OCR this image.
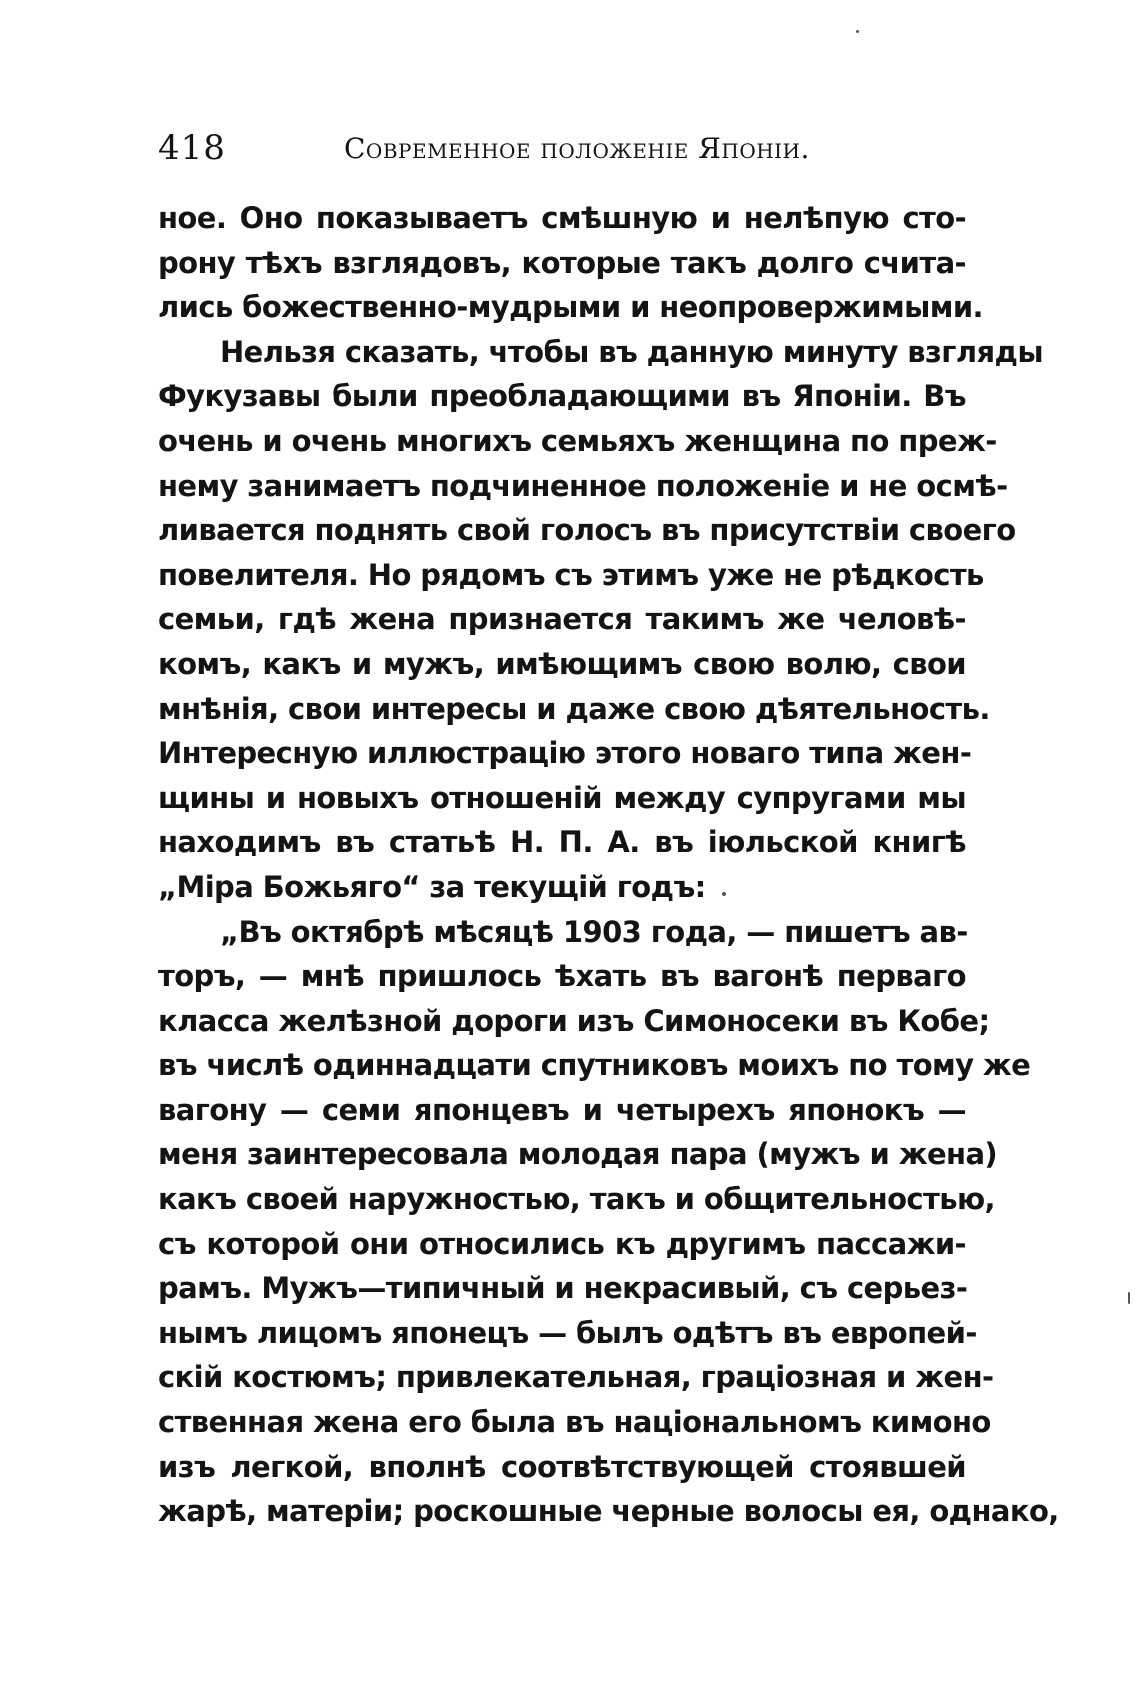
418	Современное положеніе Японіи.
ное. Оно показываетъ смѣшную и нелѣпую сто-
рону тѣхъ взглядовъ, которые такъ долго счита-
лись божественно-мудрыми и неопровержимыми.
Нельзя сказать, чтобы въ данную минуту взгляды
Фукузавы были преобладающими въ Японіи. Въ
очень и очень многихъ семьяхъ женщина по преж-
нему занимаетъ подчиненное положеніе и не осмѣ-
ливается поднять свой голосъ въ присутствіи своего
повелителя. Но рядомъ съ этимъ уже не рѣдкость
семьи, гдѣ жена признается такимъ же человѣ-
комъ, какъ и мужъ, имѣющимъ свою волю, свои
мнѣнія, свои интересы и даже свою дѣятельность.
Интересную иллюстрацію этого новаго типа жен-
щины и новыхъ отношеній между супругами мы
находимъ въ статьѣ Н. П. А. въ іюльской книгѣ
„Міра Божьяго“ за текущій годъ:
„Въ октябрѣ мѣсяцѣ 1903 года, — пишетъ ав-
торъ, — мнѣ пришлось ѣхать въ вагонѣ перваго
класса желѣзной дороги изъ Симоносеки въ Кобе;
въ числѣ одиннадцати спутниковъ моихъ по тому же
вагону — семи японцевъ и четырехъ японокъ —
меня заинтересовала молодая пара (мужъ и жена)
какъ своей наружностью, такъ и общительностью,
съ которой они относились къ другимъ пассажи-
рамъ. Мужъ—типичный и некрасивый, съ серьез-
нымъ лицомъ японецъ — былъ одѣтъ въ европей-
скій костюмъ; привлекательная, граціозная и жен-
ственная жена его была въ національномъ кимоно
изъ легкой, вполнѣ соотвѣтствующей стоявшей
жарѣ, матеріи; роскошные черные волосы ея, однако,
